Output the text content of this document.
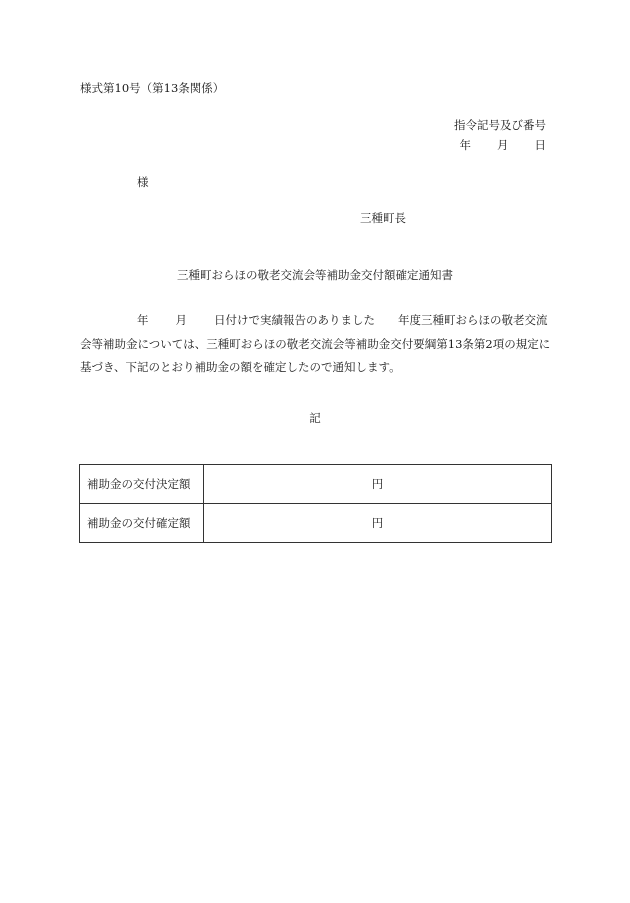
様式第10号（第13条関係）
指令記号及び番号
年 月 日
様
三種町長
三種町おらほの敬老交流会等補助金交付額確定通知書
年 月 日付けで実績報告のありました 年度三種町おらほの敬老交流
会等補助金については、三種町おらほの敬老交流会等補助金交付要綱第13条第2項の規定に
基づき、下記のとおり補助金の額を確定したので通知します。
記
補助金の交付決定額	円
補助金の交付確定額	円
